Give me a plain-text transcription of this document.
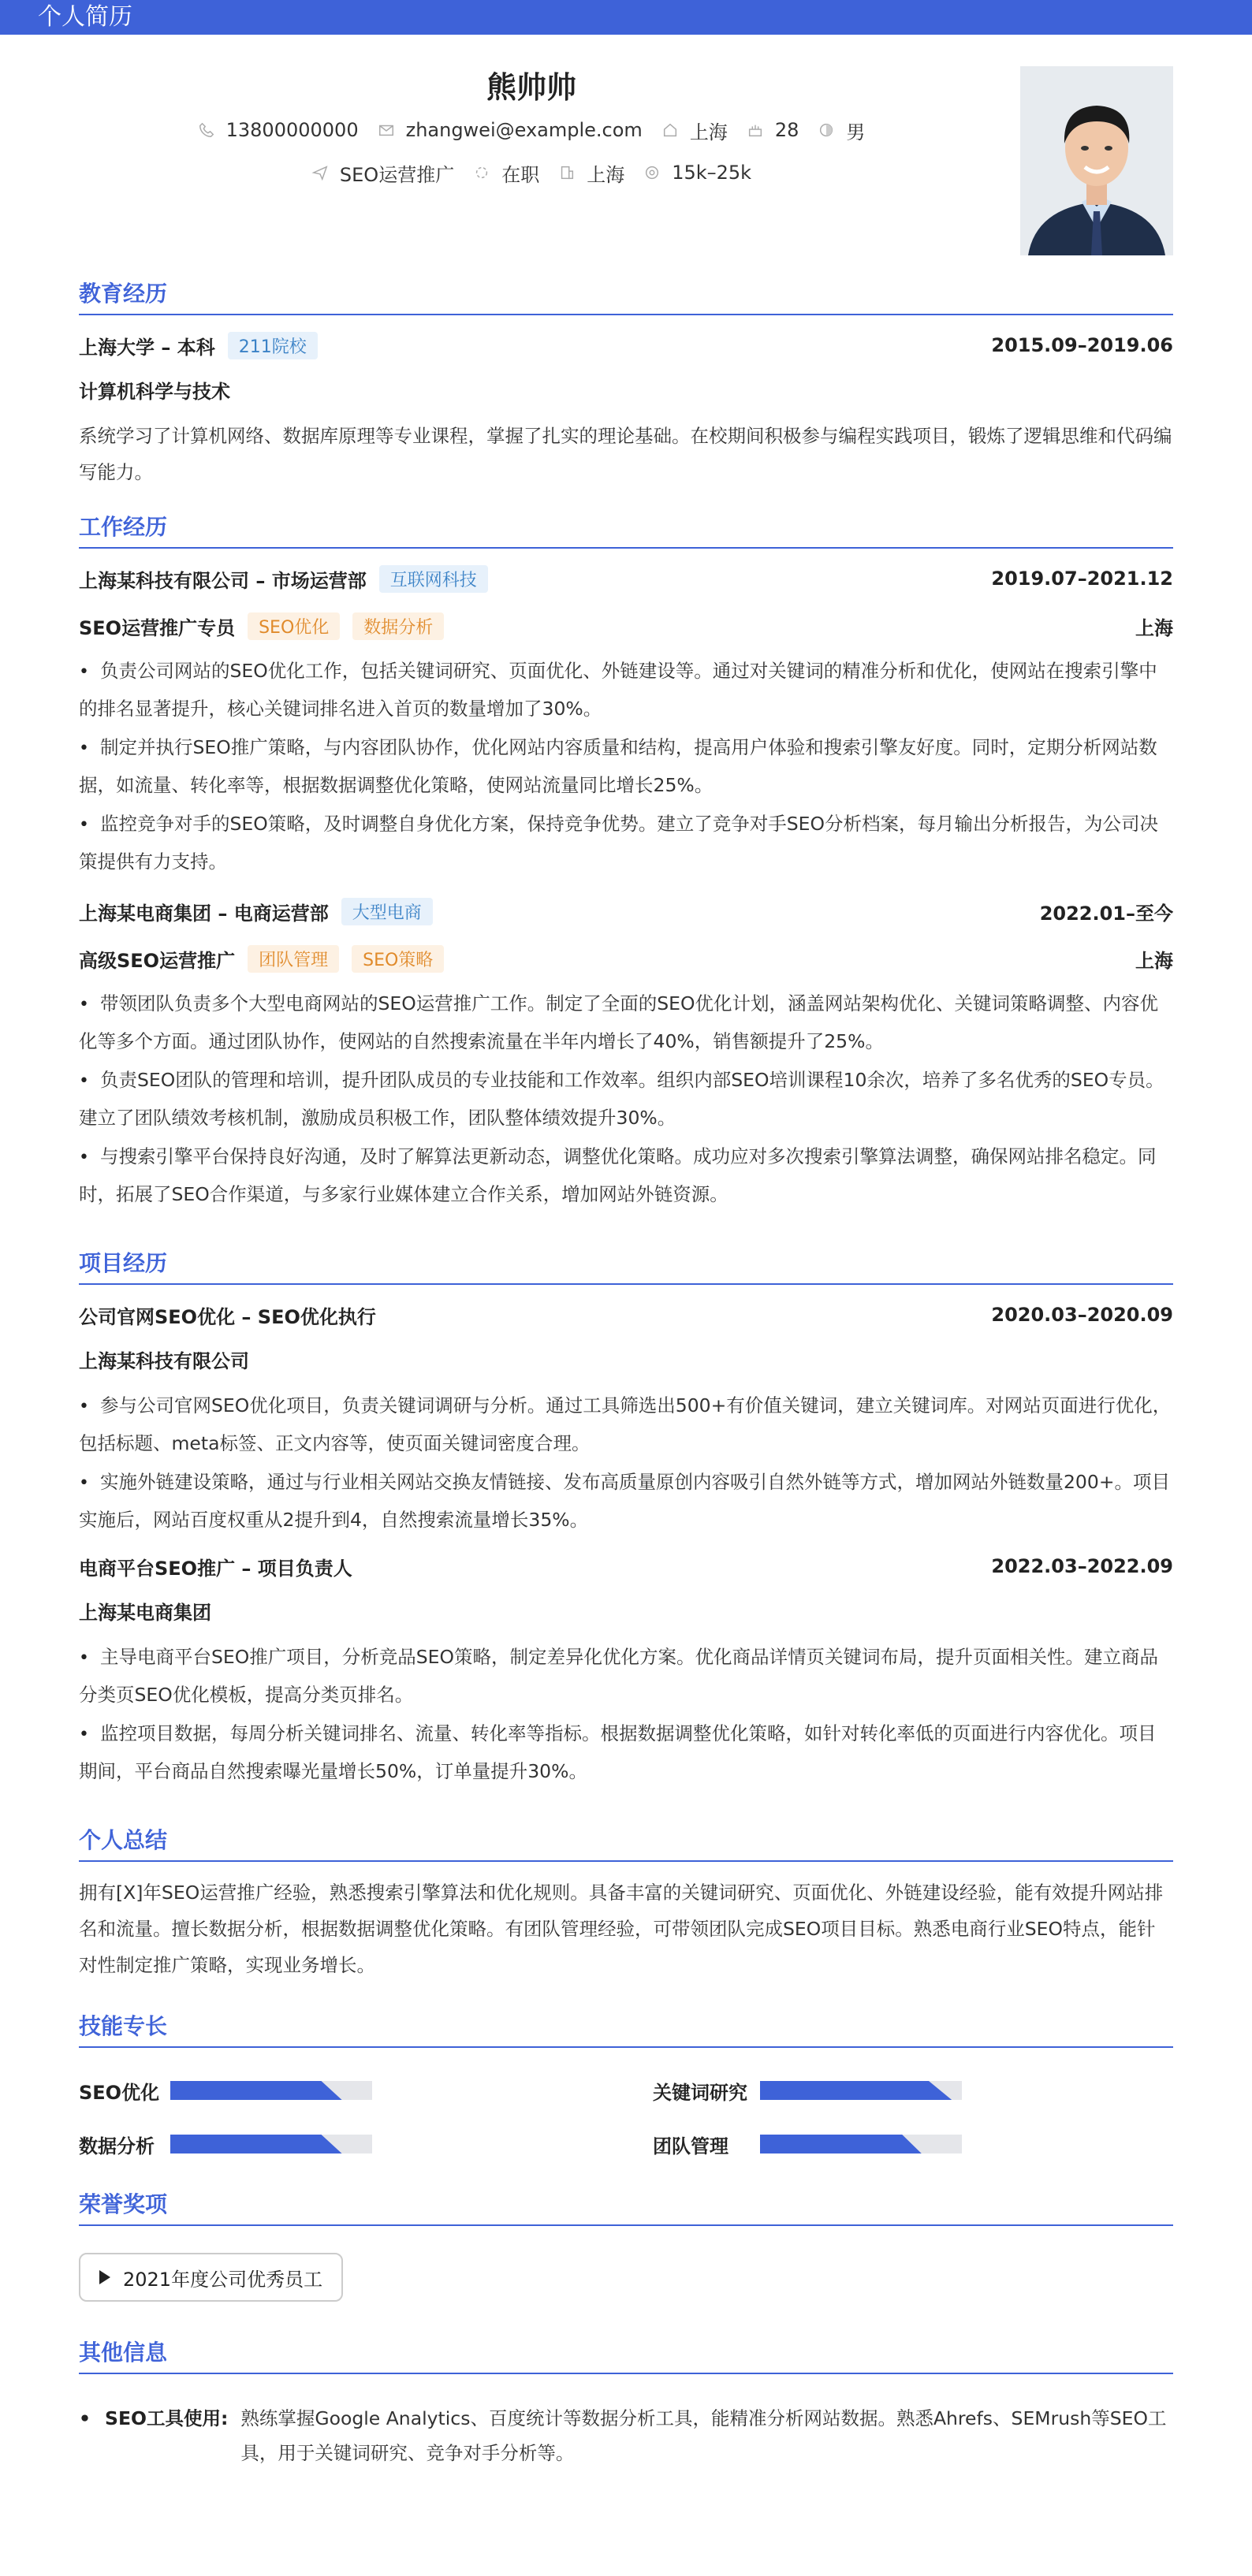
个人简历
熊帅帅
13800000000	zhangwei@example.com	上海	28	男
SEO运营推广	在职	上海	15k–25k
教育经历
上海大学 – 本科	211院校	2015.09–2019.06
计算机科学与技术
系统学习了计算机网络、数据库原理等专业课程，掌握了扎实的理论基础。在校期间积极参与编程实践项目，锻炼了逻辑思维和代码编写能力。
工作经历
上海某科技有限公司 – 市场运营部	互联网科技	2019.07–2021.12
SEO运营推广专员	SEO优化	数据分析	上海
• 负责公司网站的SEO优化工作，包括关键词研究、页面优化、外链建设等。通过对关键词的精准分析和优化，使网站在搜索引擎中的排名显著提升，核心关键词排名进入首页的数量增加了30%。
• 制定并执行SEO推广策略，与内容团队协作，优化网站内容质量和结构，提高用户体验和搜索引擎友好度。同时，定期分析网站数据，如流量、转化率等，根据数据调整优化策略，使网站流量同比增长25%。
• 监控竞争对手的SEO策略，及时调整自身优化方案，保持竞争优势。建立了竞争对手SEO分析档案，每月输出分析报告，为公司决策提供有力支持。
上海某电商集团 – 电商运营部	大型电商	2022.01–至今
高级SEO运营推广	团队管理	SEO策略	上海
• 带领团队负责多个大型电商网站的SEO运营推广工作。制定了全面的SEO优化计划，涵盖网站架构优化、关键词策略调整、内容优化等多个方面。通过团队协作，使网站的自然搜索流量在半年内增长了40%，销售额提升了25%。
• 负责SEO团队的管理和培训，提升团队成员的专业技能和工作效率。组织内部SEO培训课程10余次，培养了多名优秀的SEO专员。建立了团队绩效考核机制，激励成员积极工作，团队整体绩效提升30%。
• 与搜索引擎平台保持良好沟通，及时了解算法更新动态，调整优化策略。成功应对多次搜索引擎算法调整，确保网站排名稳定。同时，拓展了SEO合作渠道，与多家行业媒体建立合作关系，增加网站外链资源。
项目经历
公司官网SEO优化 – SEO优化执行	2020.03–2020.09
上海某科技有限公司
• 参与公司官网SEO优化项目，负责关键词调研与分析。通过工具筛选出500+有价值关键词，建立关键词库。对网站页面进行优化，包括标题、meta标签、正文内容等，使页面关键词密度合理。
• 实施外链建设策略，通过与行业相关网站交换友情链接、发布高质量原创内容吸引自然外链等方式，增加网站外链数量200+。项目实施后，网站百度权重从2提升到4，自然搜索流量增长35%。
电商平台SEO推广 – 项目负责人	2022.03–2022.09
上海某电商集团
• 主导电商平台SEO推广项目，分析竞品SEO策略，制定差异化优化方案。优化商品详情页关键词布局，提升页面相关性。建立商品分类页SEO优化模板，提高分类页排名。
• 监控项目数据，每周分析关键词排名、流量、转化率等指标。根据数据调整优化策略，如针对转化率低的页面进行内容优化。项目期间，平台商品自然搜索曝光量增长50%，订单量提升30%。
个人总结
拥有[X]年SEO运营推广经验，熟悉搜索引擎算法和优化规则。具备丰富的关键词研究、页面优化、外链建设经验，能有效提升网站排名和流量。擅长数据分析，根据数据调整优化策略。有团队管理经验，可带领团队完成SEO项目目标。熟悉电商行业SEO特点，能针对性制定推广策略，实现业务增长。
技能专长
SEO优化	关键词研究
数据分析	团队管理
荣誉奖项
2021年度公司优秀员工
其他信息
• SEO工具使用: 熟练掌握Google Analytics、百度统计等数据分析工具，能精准分析网站数据。熟悉Ahrefs、SEMrush等SEO工具，用于关键词研究、竞争对手分析等。
